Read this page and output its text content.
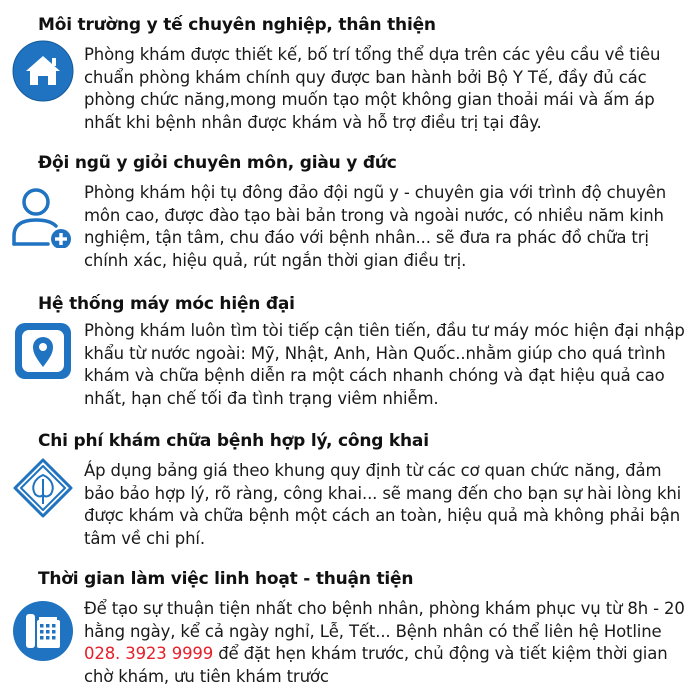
Môi trường y tế chuyên nghiệp, thân thiện

Phòng khám được thiết kế, bố trí tổng thể dựa trên các yêu cầu về tiêu chuẩn phòng khám chính quy được ban hành bởi Bộ Y Tế, đầy đủ các phòng chức năng,mong muốn tạo một không gian thoải mái và ấm áp nhất khi bệnh nhân được khám và hỗ trợ điều trị tại đây.

Đội ngũ y giỏi chuyên môn, giàu y đức

Phòng khám hội tụ đông đảo đội ngũ y - chuyên gia với trình độ chuyên môn cao, được đào tạo bài bản trong và ngoài nước, có nhiều năm kinh nghiệm, tận tâm, chu đáo với bệnh nhân... sẽ đưa ra phác đồ chữa trị chính xác, hiệu quả, rút ngắn thời gian điều trị.

Hệ thống máy móc hiện đại

Phòng khám luôn tìm tòi tiếp cận tiên tiến, đầu tư máy móc hiện đại nhập khẩu từ nước ngoài: Mỹ, Nhật, Anh, Hàn Quốc..nhằm giúp cho quá trình khám và chữa bệnh diễn ra một cách nhanh chóng và đạt hiệu quả cao nhất, hạn chế tối đa tình trạng viêm nhiễm.

Chi phí khám chữa bệnh hợp lý, công khai

Áp dụng bảng giá theo khung quy định từ các cơ quan chức năng, đảm bảo bảo hợp lý, rõ ràng, công khai... sẽ mang đến cho bạn sự hài lòng khi được khám và chữa bệnh một cách an toàn, hiệu quả mà không phải bận tâm về chi phí.

Thời gian làm việc linh hoạt - thuận tiện

Để tạo sự thuận tiện nhất cho bệnh nhân, phòng khám phục vụ từ 8h - 20 hằng ngày, kể cả ngày nghỉ, Lễ, Tết... Bệnh nhân có thể liên hệ Hotline 028. 3923 9999 để đặt hẹn khám trước, chủ động và tiết kiệm thời gian chờ khám, ưu tiên khám trước
